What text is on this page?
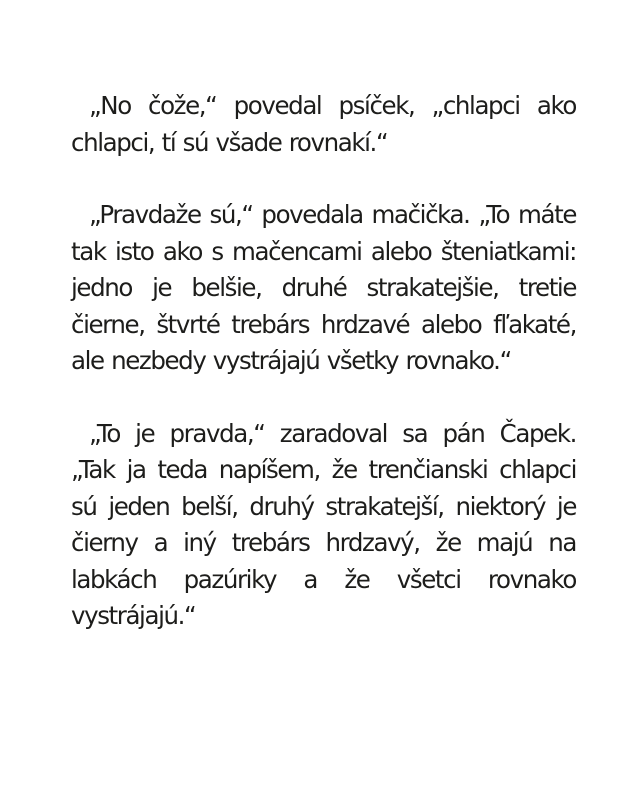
„No čože,“ povedal psíček, „chlapci ako chlapci, tí sú všade rovnakí.“

„Pravdaže sú,“ povedala mačička. „To máte tak isto ako s mačencami alebo šteniatkami: jedno je belšie, druhé strakatejšie, tretie čierne, štvrté trebárs hrdzavé alebo fľakaté, ale nezbedy vystrájajú všetky rovnako.“

„To je pravda,“ zaradoval sa pán Čapek. „Tak ja teda napíšem, že trenčianski chlapci sú jeden belší, druhý strakatejší, niektorý je čierny a iný trebárs hrdzavý, že majú na labkách pazúriky a že všetci rovnako vystrájajú.“
